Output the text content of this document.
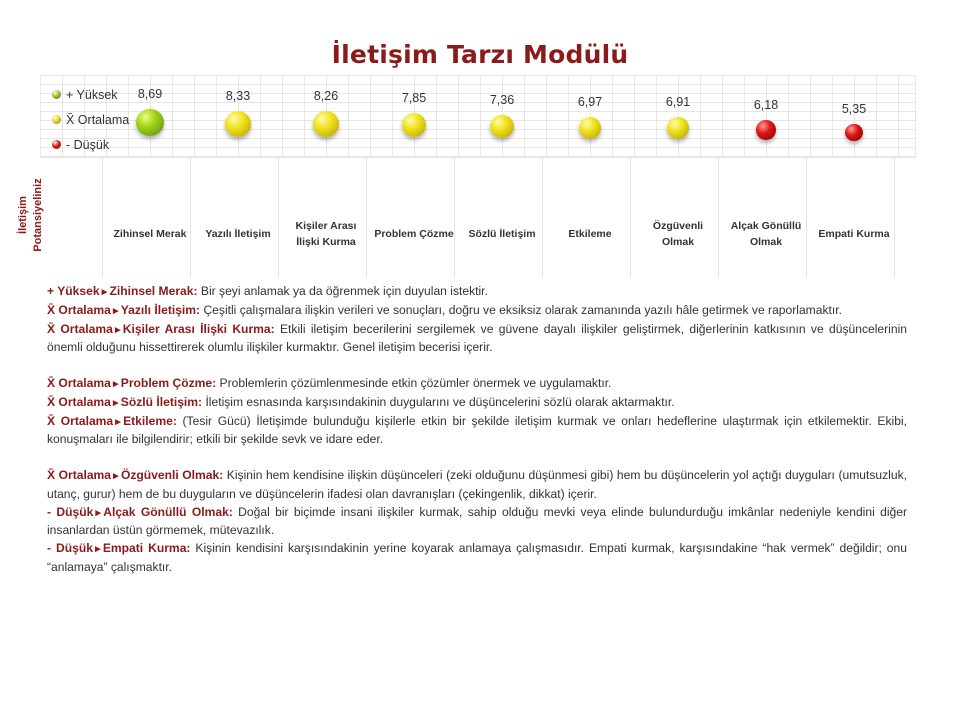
İletişim Tarzı Modülü
+ Yüksek
X̄ Ortalama
- Düşük
8,69
Zihinsel Merak
8,33
Yazılı İletişim
8,26
Kişiler Arası İlişki Kurma
7,85
Problem Çözme
7,36
Sözlü İletişim
6,97
Etkileme
6,91
Özgüvenli Olmak
6,18
Alçak Gönüllü Olmak
5,35
Empati Kurma
İletişim Potansiyeliniz

+ Yüksek►Zihinsel Merak: Bir şeyi anlamak ya da öğrenmek için duyulan istektir.

X̄ Ortalama►Yazılı İletişim: Çeşitli çalışmalara ilişkin verileri ve sonuçları, doğru ve eksiksiz olarak zamanında yazılı hâle getirmek ve raporlamaktır.

X̄ Ortalama►Kişiler Arası İlişki Kurma: Etkili iletişim becerilerini sergilemek ve güvene dayalı ilişkiler geliştirmek, diğerlerinin katkısının ve düşüncelerinin önemli olduğunu hissettirerek olumlu ilişkiler kurmaktır. Genel iletişim becerisi içerir.

X̄ Ortalama►Problem Çözme: Problemlerin çözümlenmesinde etkin çözümler önermek ve uygulamaktır.

X̄ Ortalama►Sözlü İletişim: İletişim esnasında karşısındakinin duygularını ve düşüncelerini sözlü olarak aktarmaktır.

X̄ Ortalama►Etkileme: (Tesir Gücü) İletişimde bulunduğu kişilerle etkin bir şekilde iletişim kurmak ve onları hedeflerine ulaştırmak için etkilemektir. Ekibi, konuşmaları ile bilgilendirir; etkili bir şekilde sevk ve idare eder.

X̄ Ortalama►Özgüvenli Olmak: Kişinin hem kendisine ilişkin düşünceleri (zeki olduğunu düşünmesi gibi) hem bu düşüncelerin yol açtığı duyguları (umutsuzluk, utanç, gurur) hem de bu duyguların ve düşüncelerin ifadesi olan davranışları (çekingenlik, dikkat) içerir.

- Düşük►Alçak Gönüllü Olmak: Doğal bir biçimde insani ilişkiler kurmak, sahip olduğu mevki veya elinde bulundurduğu imkânlar nedeniyle kendini diğer insanlardan üstün görmemek, mütevazılık.

- Düşük►Empati Kurma: Kişinin kendisini karşısındakinin yerine koyarak anlamaya çalışmasıdır. Empati kurmak, karşısındakine “hak vermek” değildir; onu “anlamaya” çalışmaktır.
